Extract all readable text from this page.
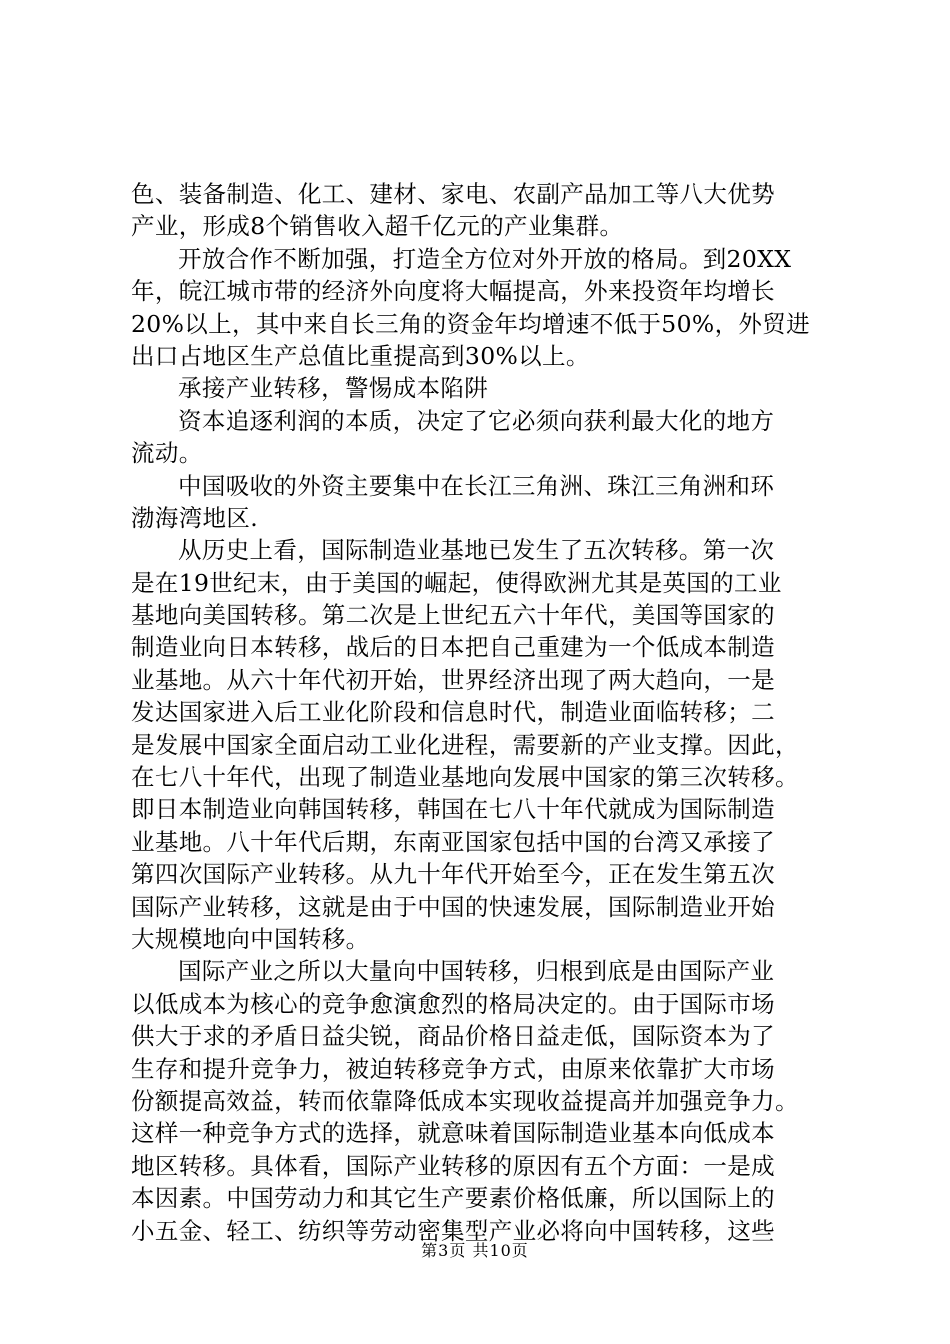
色、装备制造、化工、建材、家电、农副产品加工等八大优势
产业，形成8个销售收入超千亿元的产业集群。
开放合作不断加强，打造全方位对外开放的格局。到20XX
年，皖江城市带的经济外向度将大幅提高，外来投资年均增长
20%以上，其中来自长三角的资金年均增速不低于50%，外贸进
出口占地区生产总值比重提高到30%以上。
承接产业转移，警惕成本陷阱
资本追逐利润的本质，决定了它必须向获利最大化的地方
流动。
中国吸收的外资主要集中在长江三角洲、珠江三角洲和环
渤海湾地区.
从历史上看，国际制造业基地已发生了五次转移。第一次
是在19世纪末，由于美国的崛起，使得欧洲尤其是英国的工业
基地向美国转移。第二次是上世纪五六十年代，美国等国家的
制造业向日本转移，战后的日本把自己重建为一个低成本制造
业基地。从六十年代初开始，世界经济出现了两大趋向，一是
发达国家进入后工业化阶段和信息时代，制造业面临转移；二
是发展中国家全面启动工业化进程，需要新的产业支撑。因此，
在七八十年代，出现了制造业基地向发展中国家的第三次转移。
即日本制造业向韩国转移，韩国在七八十年代就成为国际制造
业基地。八十年代后期，东南亚国家包括中国的台湾又承接了
第四次国际产业转移。从九十年代开始至今，正在发生第五次
国际产业转移，这就是由于中国的快速发展，国际制造业开始
大规模地向中国转移。
国际产业之所以大量向中国转移，归根到底是由国际产业
以低成本为核心的竞争愈演愈烈的格局决定的。由于国际市场
供大于求的矛盾日益尖锐，商品价格日益走低，国际资本为了
生存和提升竞争力，被迫转移竞争方式，由原来依靠扩大市场
份额提高效益，转而依靠降低成本实现收益提高并加强竞争力。
这样一种竞争方式的选择，就意味着国际制造业基本向低成本
地区转移。具体看，国际产业转移的原因有五个方面：一是成
本因素。中国劳动力和其它生产要素价格低廉，所以国际上的
小五金、轻工、纺织等劳动密集型产业必将向中国转移，这些
第3页 共10页
